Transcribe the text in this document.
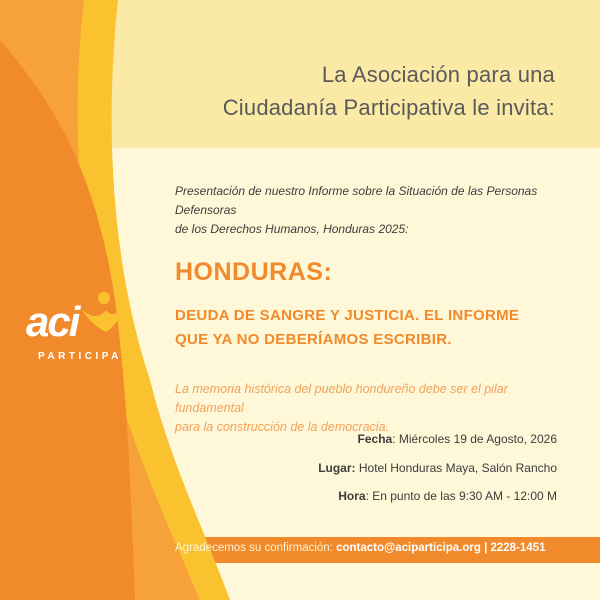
La Asociación para una
Ciudadanía Participativa le invita:
Presentación de nuestro Informe sobre la Situación de las Personas Defensoras
de los Derechos Humanos, Honduras 2025:
HONDURAS:
DEUDA DE SANGRE Y JUSTICIA. EL INFORME
QUE YA NO DEBERÍAMOS ESCRIBIR.
La memoria histórica del pueblo hondureño debe ser el pilar fundamental
para la construcción de la democracia.
Fecha: Miércoles 19 de Agosto, 2026
Lugar: Hotel Honduras Maya, Salón Rancho
Hora: En punto de las 9:30 AM - 12:00 M
Agradecemos su confirmación: contacto@aciparticipa.org | 2228-1451
aci
PARTICIPA
